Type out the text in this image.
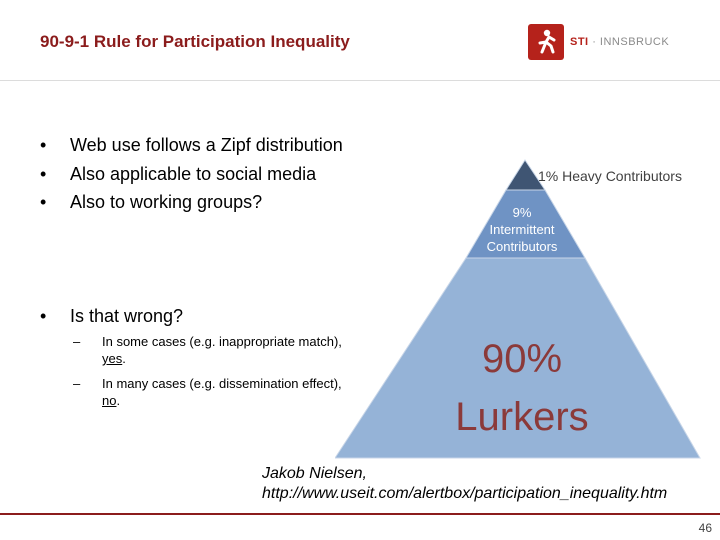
90-9-1 Rule for Participation Inequality	STI · INNSBRUCK
• Web use follows a Zipf distribution
• Also applicable to social media
• Also to working groups?
• Is that wrong?
– In some cases (e.g. inappropriate match), yes.
– In many cases (e.g. dissemination effect), no.
1% Heavy Contributors
9%
Intermittent
Contributors
90%
Lurkers
Jakob Nielsen,
http://www.useit.com/alertbox/participation_inequality.htm
46
